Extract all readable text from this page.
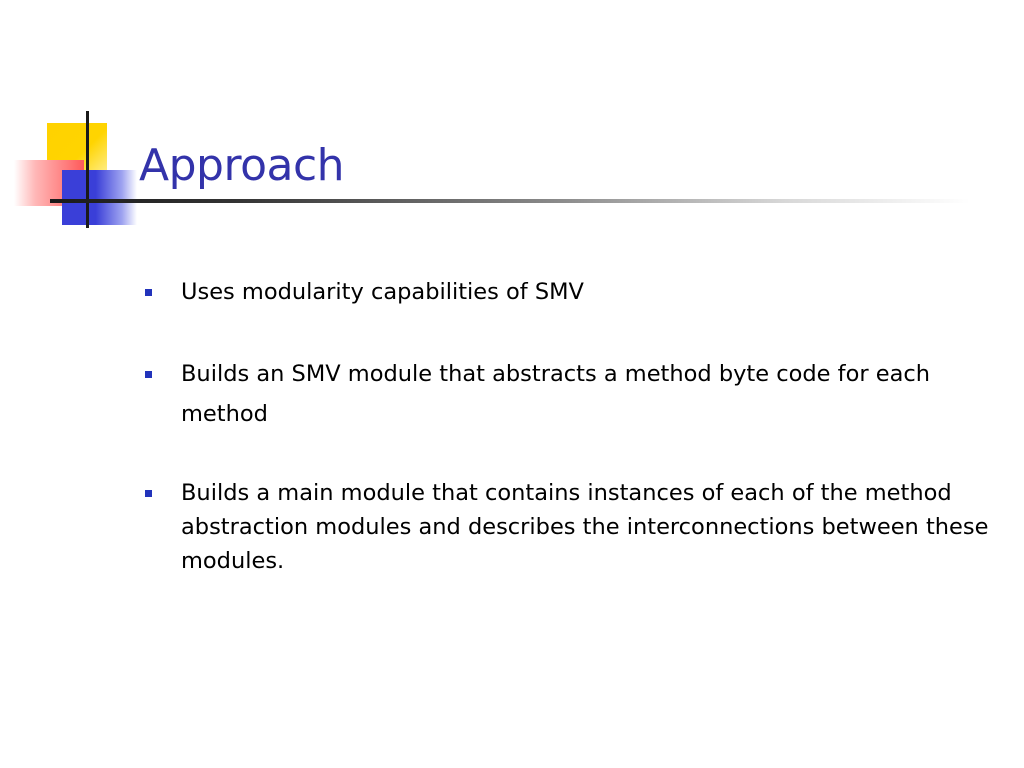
Approach
Uses modularity capabilities of SMV
Builds an SMV module that abstracts a method byte code for each method
Builds a main module that contains instances of each of the method abstraction modules and describes the interconnections between these modules.
